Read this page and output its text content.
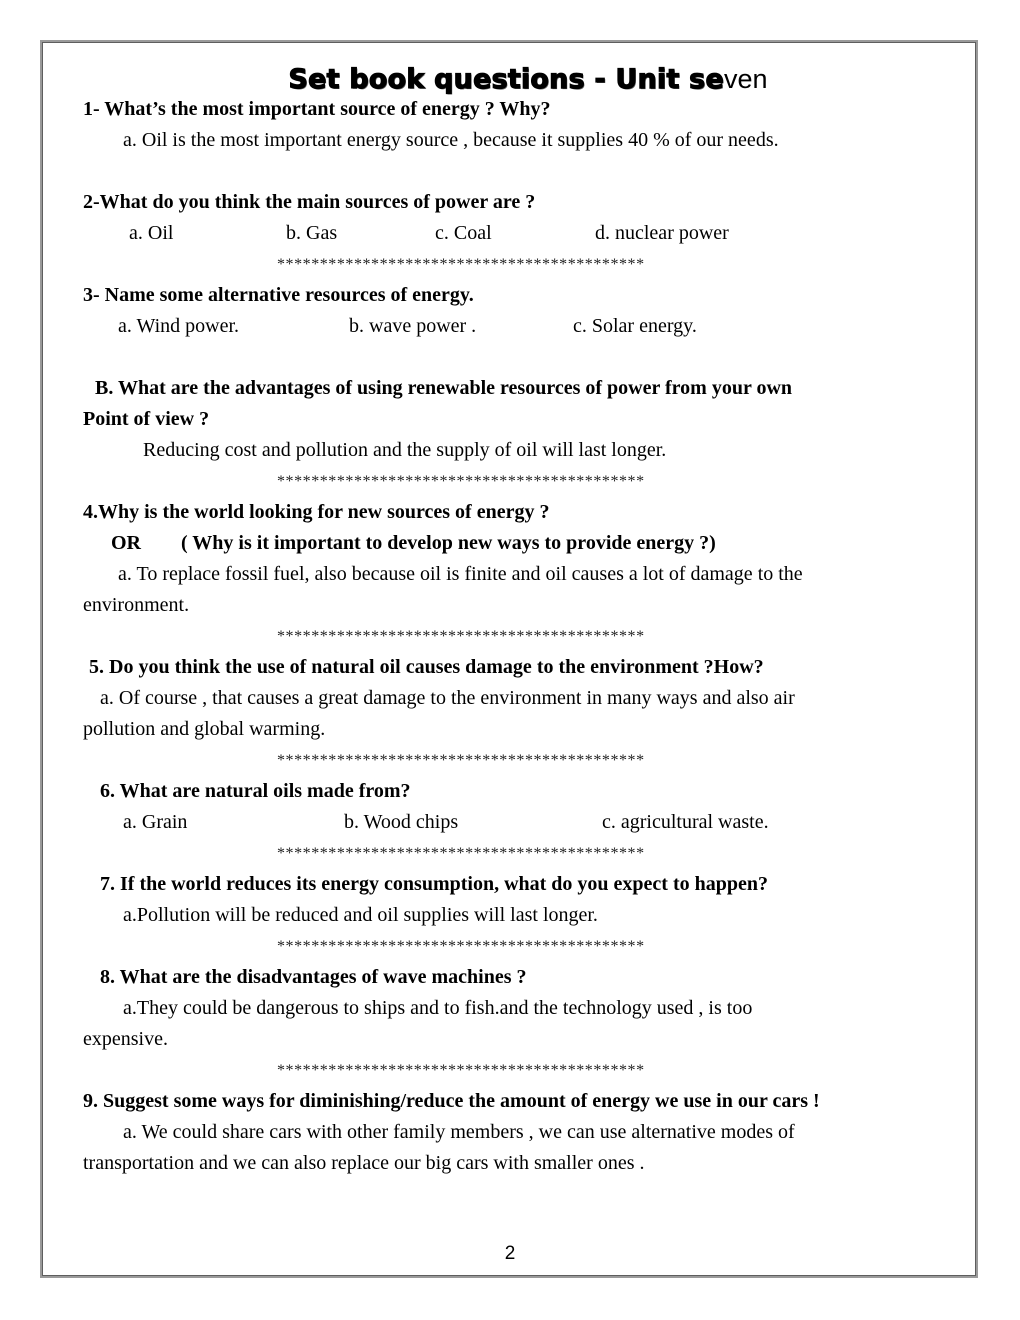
Set book questions - Unit seven
1- What’s the most important source of energy ? Why?
a. Oil is the most important energy source , because it supplies 40 % of our needs.
2-What do you think the main sources of power are ?
a. Oil	b. Gas	c. Coal	d. nuclear power
*******************************************
3- Name some alternative resources of energy.
a. Wind power.	b. wave power .	c. Solar energy.
B. What are the advantages of using renewable resources of power from your own
Point of view ?
Reducing cost and pollution and the supply of oil will last longer.
*******************************************
4.Why is the world looking for new sources of energy ?
OR	( Why is it important to develop new ways to provide energy ?)
a. To replace fossil fuel, also because oil is finite and oil causes a lot of damage to the
environment.
*******************************************
5. Do you think the use of natural oil causes damage to the environment ?How?
a. Of course , that causes a great damage to the environment in many ways and also air
pollution and global warming.
*******************************************
6. What are natural oils made from?
a. Grain	b. Wood chips	c. agricultural waste.
*******************************************
7. If the world reduces its energy consumption, what do you expect to happen?
a.Pollution will be reduced and oil supplies will last longer.
*******************************************
8. What are the disadvantages of wave machines ?
a.They could be dangerous to ships and to fish.and the technology used , is too
expensive.
*******************************************
9. Suggest some ways for diminishing/reduce the amount of energy we use in our cars !
a. We could share cars with other family members , we can use alternative modes of
transportation and we can also replace our big cars with smaller ones .
2
